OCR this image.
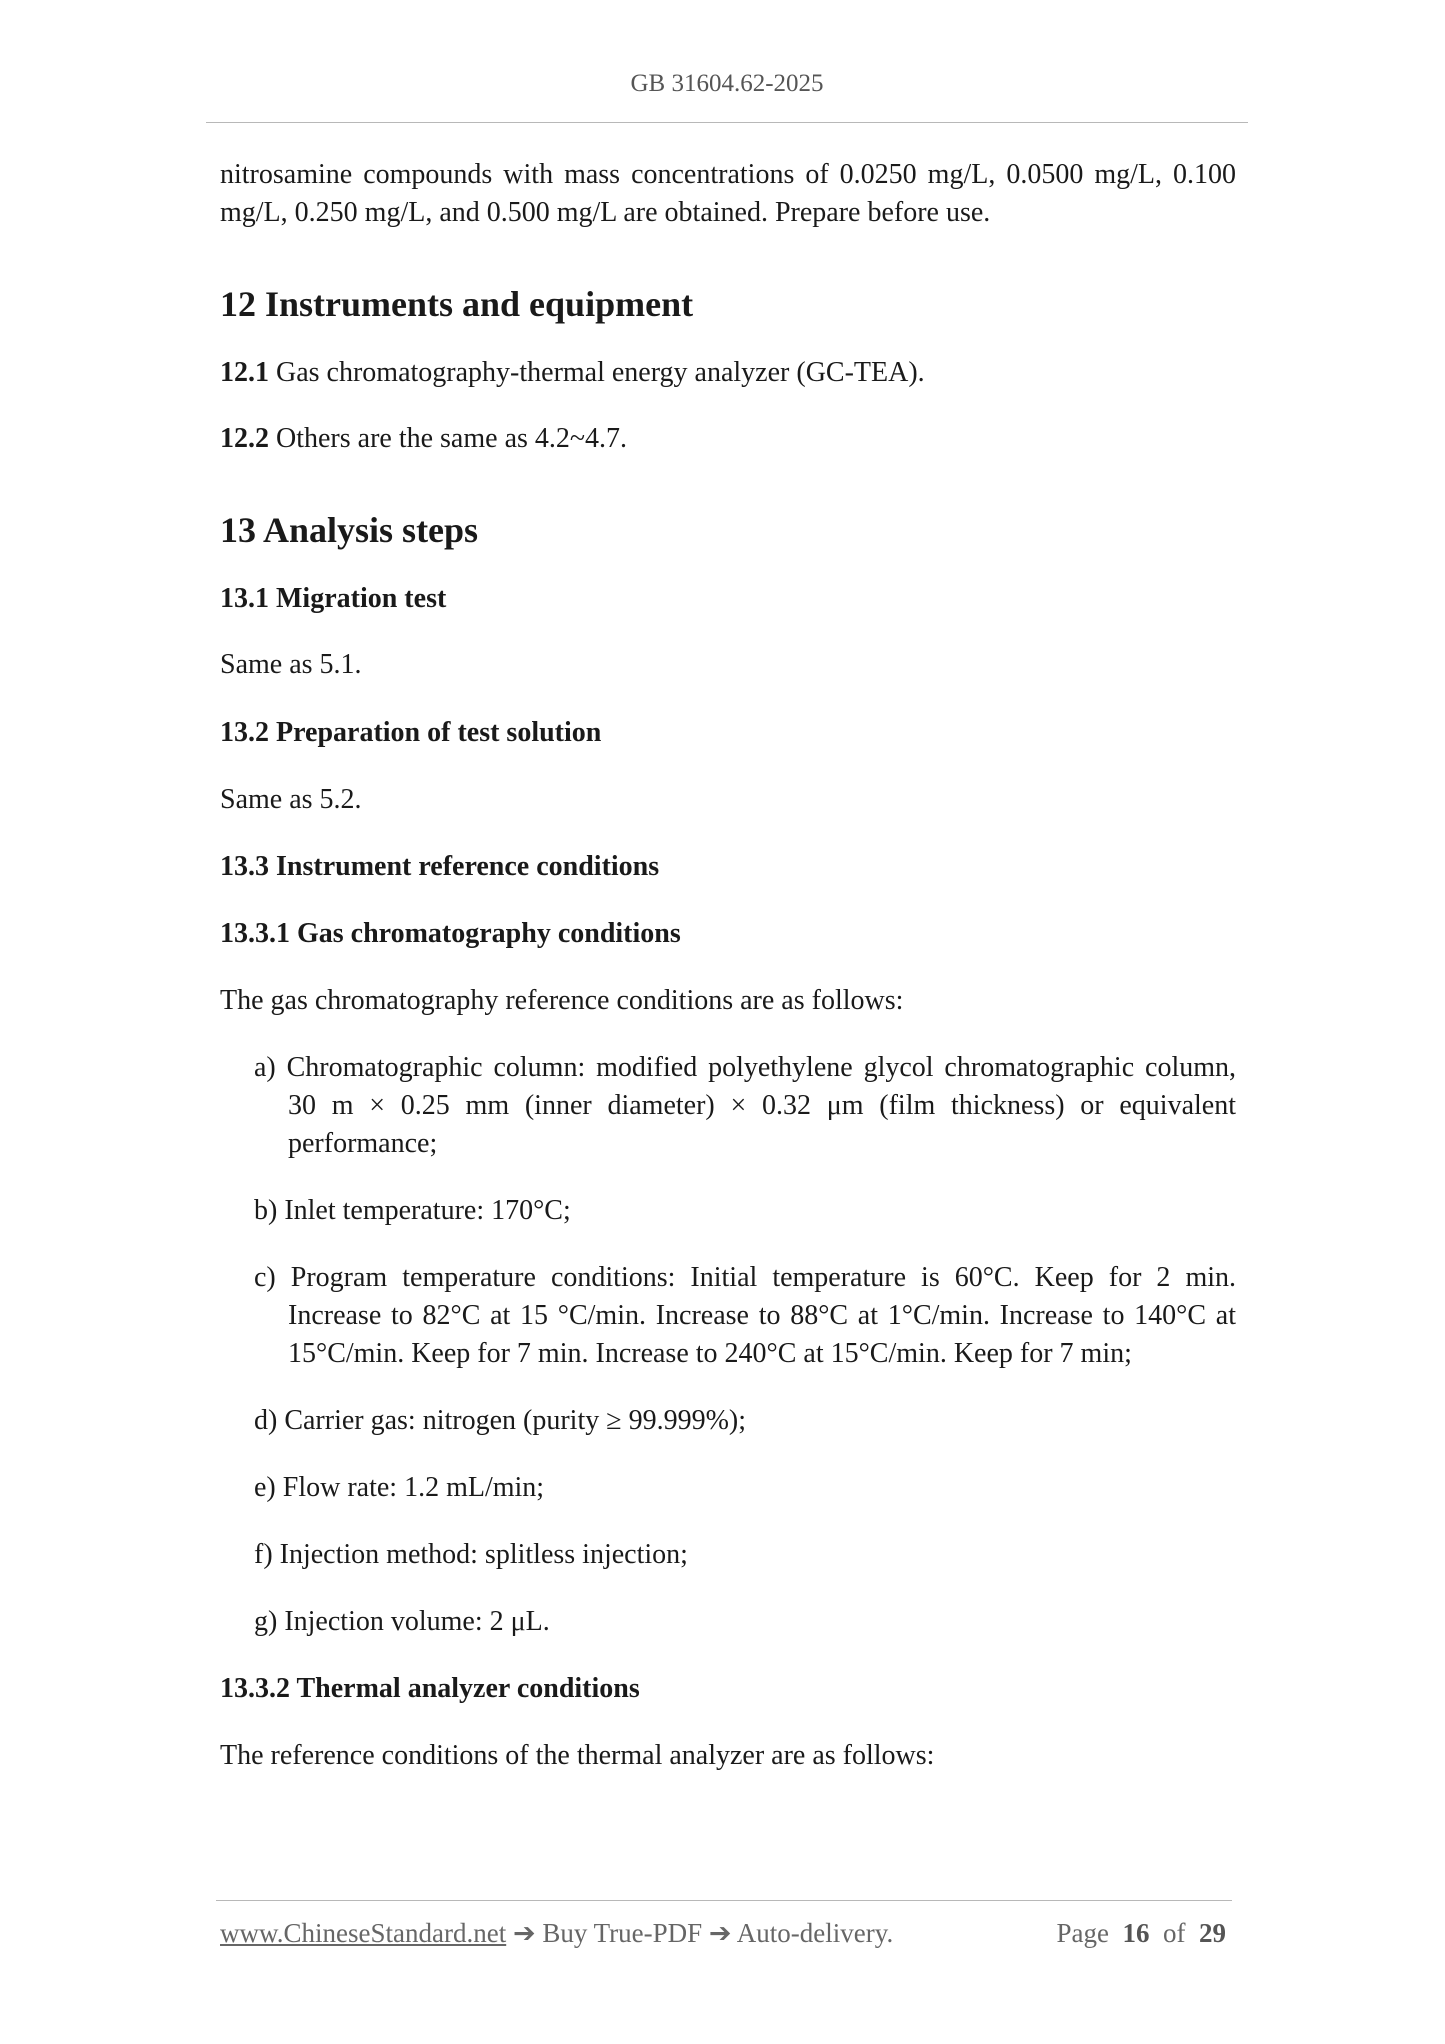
GB 31604.62-2025

nitrosamine compounds with mass concentrations of 0.0250 mg/L, 0.0500 mg/L, 0.100 mg/L, 0.250 mg/L, and 0.500 mg/L are obtained. Prepare before use.

12 Instruments and equipment

12.1 Gas chromatography-thermal energy analyzer (GC-TEA).

12.2 Others are the same as 4.2~4.7.

13 Analysis steps
13.1 Migration test

Same as 5.1.

13.2 Preparation of test solution

Same as 5.2.

13.3 Instrument reference conditions
13.3.1 Gas chromatography conditions

The gas chromatography reference conditions are as follows:

a) Chromatographic column: modified polyethylene glycol chromatographic column, 30 m × 0.25 mm (inner diameter) × 0.32 μm (film thickness) or equivalent performance;

b) Inlet temperature: 170°C;

c) Program temperature conditions: Initial temperature is 60°C. Keep for 2 min. Increase to 82°C at 15 °C/min. Increase to 88°C at 1°C/min. Increase to 140°C at 15°C/min. Keep for 7 min. Increase to 240°C at 15°C/min. Keep for 7 min;

d) Carrier gas: nitrogen (purity ≥ 99.999%);

e) Flow rate: 1.2 mL/min;

f) Injection method: splitless injection;

g) Injection volume: 2 μL.

13.3.2 Thermal analyzer conditions

The reference conditions of the thermal analyzer are as follows:

www.ChineseStandard.net ➔ Buy True-PDF ➔ Auto-delivery.	Page 16 of 29
